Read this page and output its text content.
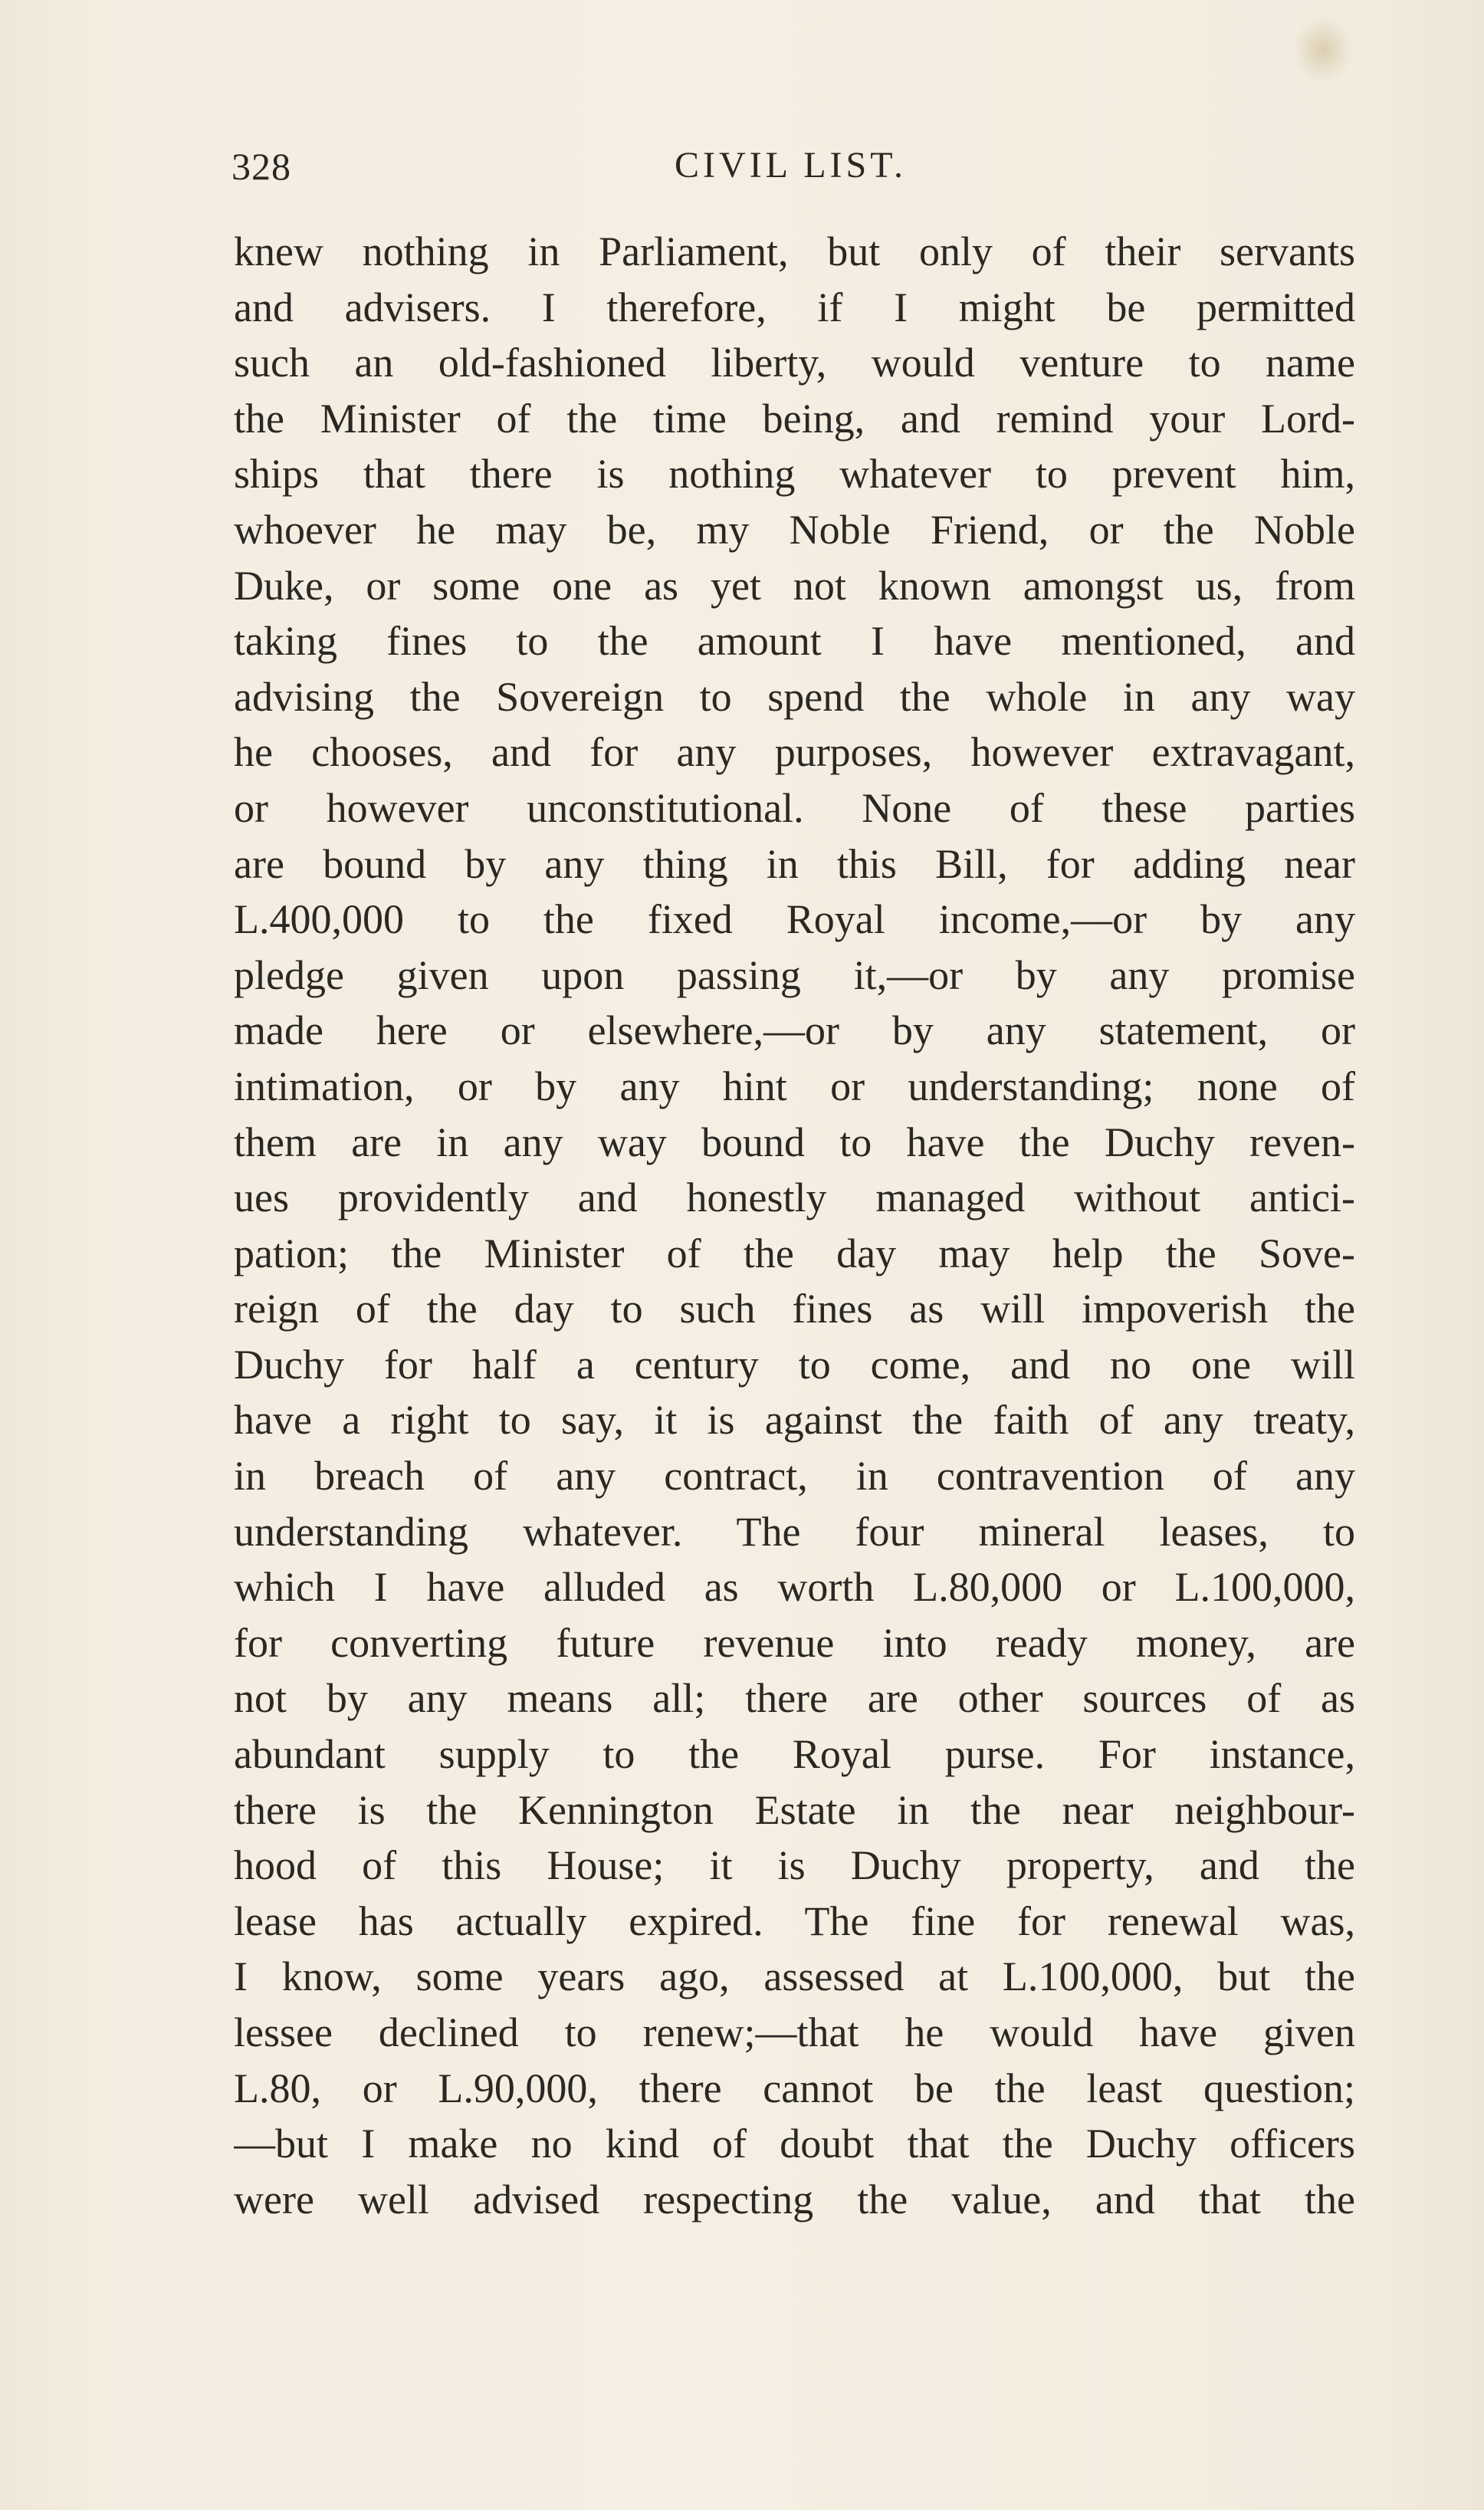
328	CIVIL LIST.
knew nothing in Parliament, but only of their servants
and advisers. I therefore, if I might be permitted
such an old-fashioned liberty, would venture to name
the Minister of the time being, and remind your Lord-
ships that there is nothing whatever to prevent him,
whoever he may be, my Noble Friend, or the Noble
Duke, or some one as yet not known amongst us, from
taking fines to the amount I have mentioned, and
advising the Sovereign to spend the whole in any way
he chooses, and for any purposes, however extravagant,
or however unconstitutional. None of these parties
are bound by any thing in this Bill, for adding near
L.400,000 to the fixed Royal income,—or by any
pledge given upon passing it,—or by any promise
made here or elsewhere,—or by any statement, or
intimation, or by any hint or understanding; none of
them are in any way bound to have the Duchy reven-
ues providently and honestly managed without antici-
pation; the Minister of the day may help the Sove-
reign of the day to such fines as will impoverish the
Duchy for half a century to come, and no one will
have a right to say, it is against the faith of any treaty,
in breach of any contract, in contravention of any
understanding whatever. The four mineral leases, to
which I have alluded as worth L.80,000 or L.100,000,
for converting future revenue into ready money, are
not by any means all; there are other sources of as
abundant supply to the Royal purse. For instance,
there is the Kennington Estate in the near neighbour-
hood of this House; it is Duchy property, and the
lease has actually expired. The fine for renewal was,
I know, some years ago, assessed at L.100,000, but the
lessee declined to renew;—that he would have given
L.80, or L.90,000, there cannot be the least question;
—but I make no kind of doubt that the Duchy officers
were well advised respecting the value, and that the
